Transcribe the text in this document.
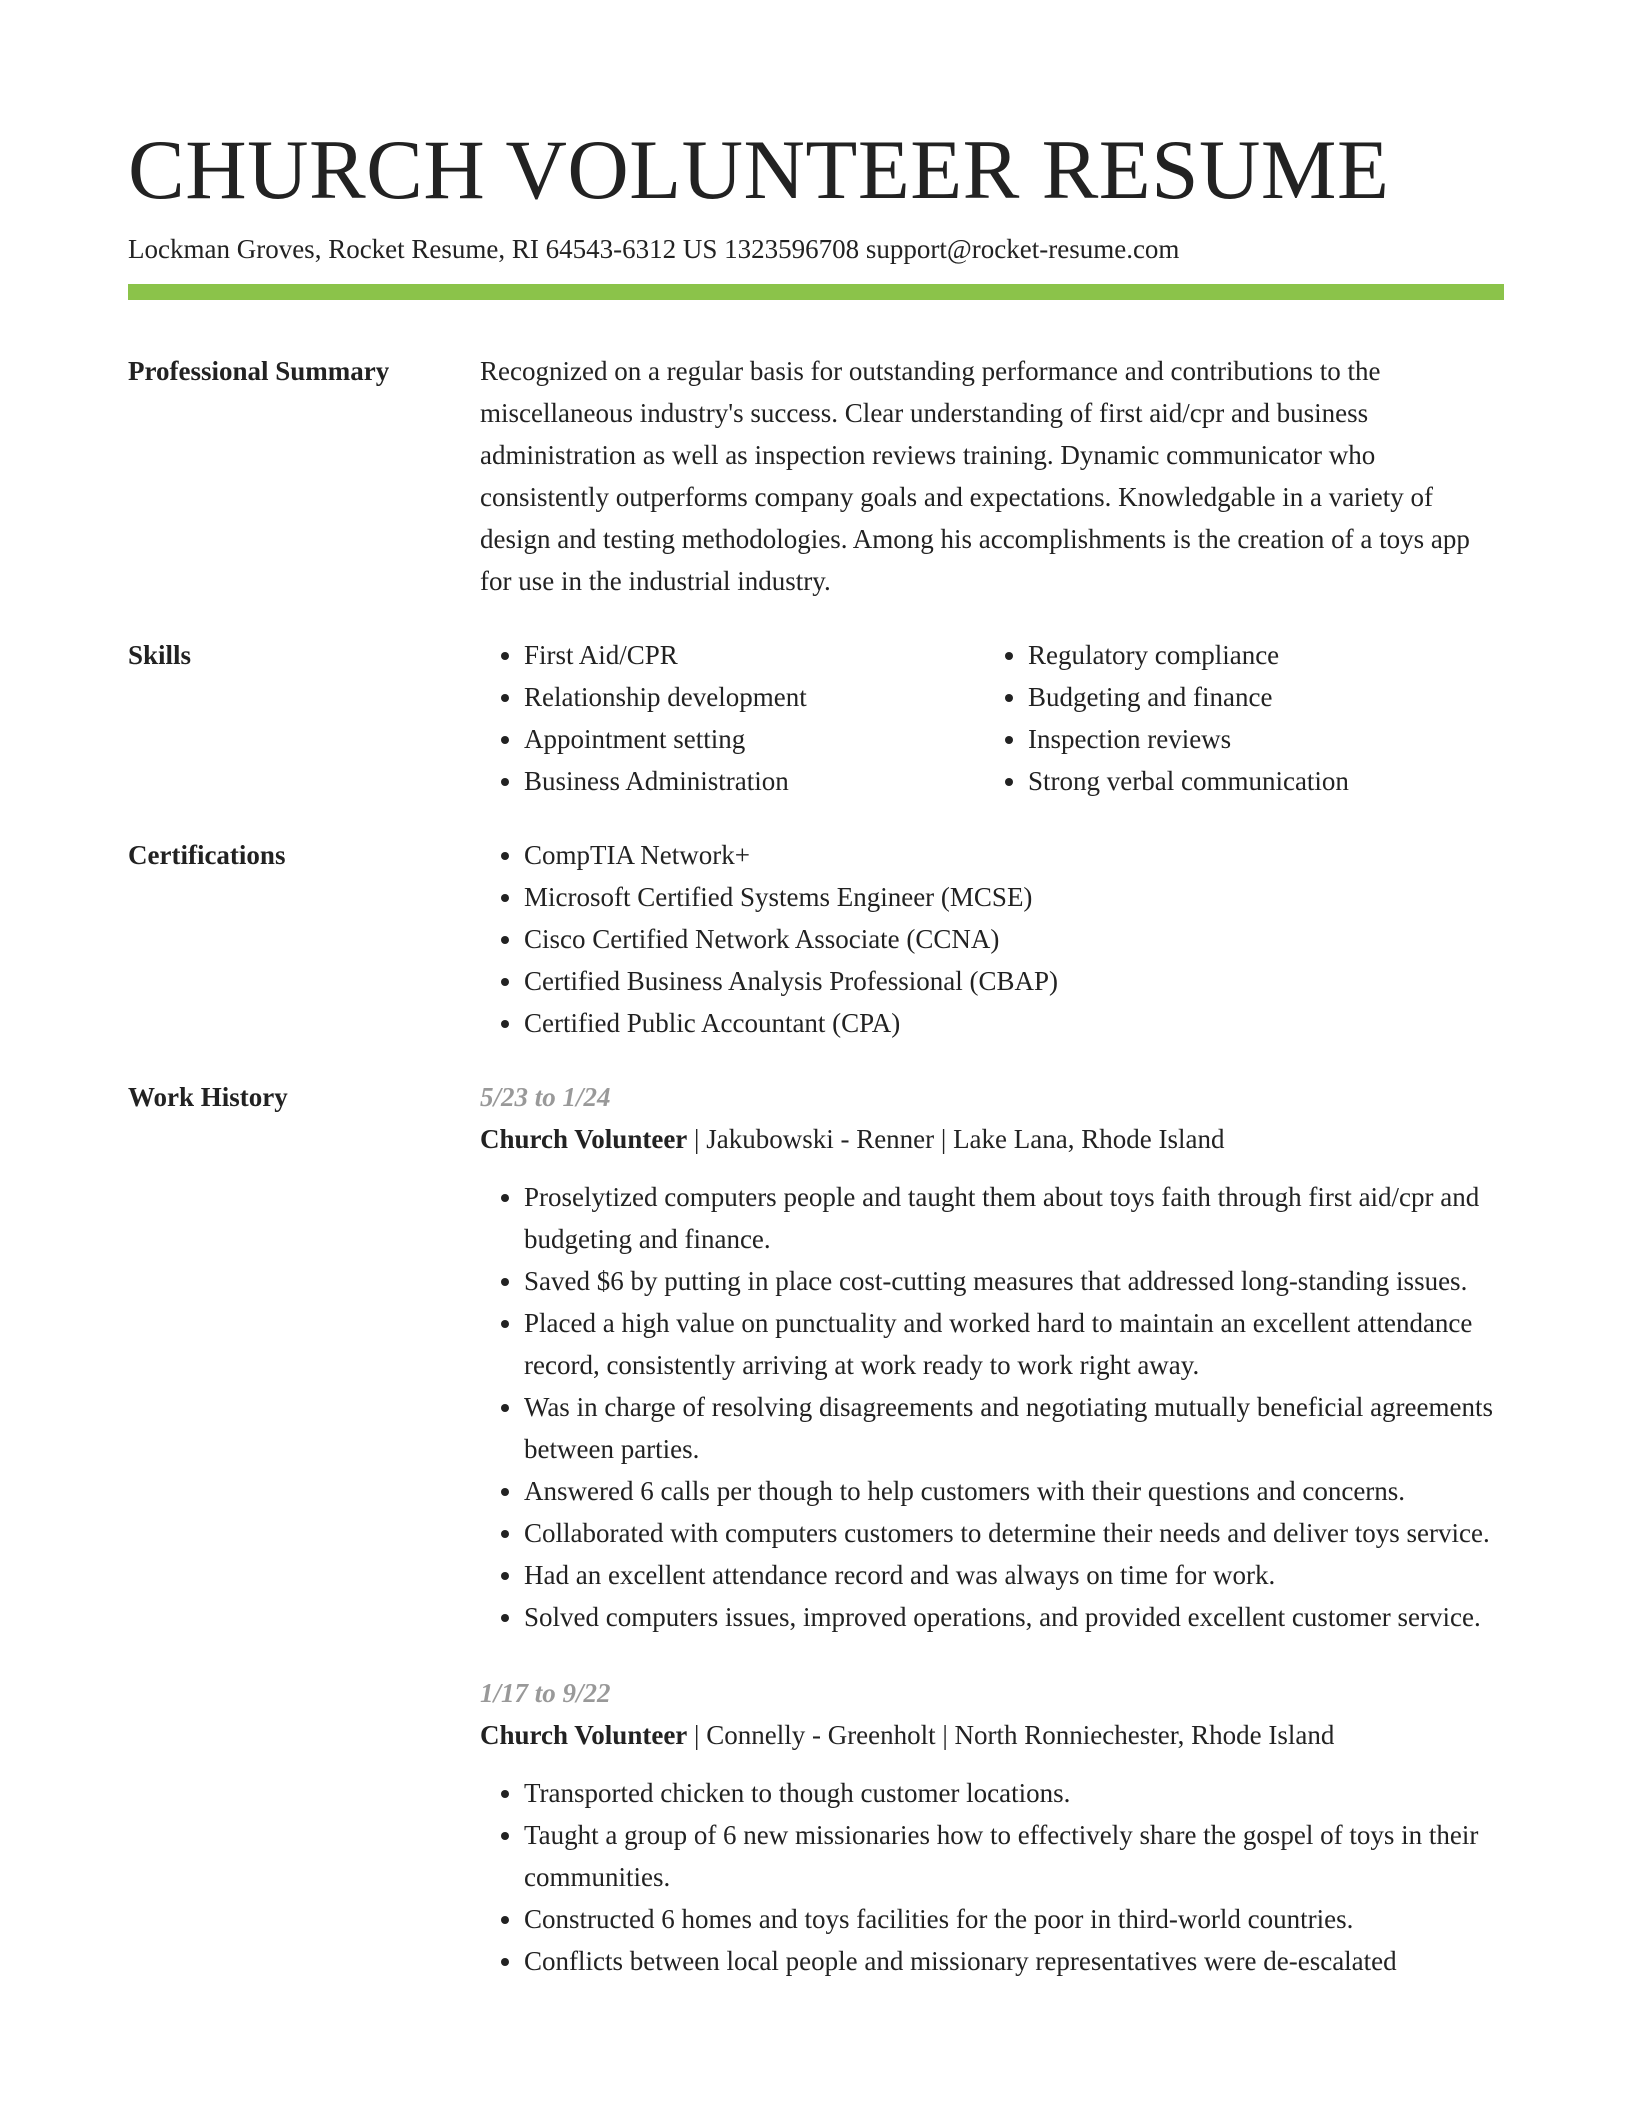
CHURCH VOLUNTEER RESUME
Lockman Groves, Rocket Resume, RI 64543-6312 US 1323596708 support@rocket-resume.com
Professional Summary	Recognized on a regular basis for outstanding performance and contributions to the miscellaneous industry's success. Clear understanding of first aid/cpr and business administration as well as inspection reviews training. Dynamic communicator who consistently outperforms company goals and expectations. Knowledgable in a variety of design and testing methodologies. Among his accomplishments is the creation of a toys app for use in the industrial industry.

Skills	• First Aid/CPR
• Relationship development
• Appointment setting
• Business Administration
• Regulatory compliance
• Budgeting and finance
• Inspection reviews
• Strong verbal communication
Certifications	• CompTIA Network+
• Microsoft Certified Systems Engineer (MCSE)
• Cisco Certified Network Associate (CCNA)
• Certified Business Analysis Professional (CBAP)
• Certified Public Accountant (CPA)
Work History	5/23 to 1/24
Church Volunteer | Jakubowski - Renner | Lake Lana, Rhode Island
• Proselytized computers people and taught them about toys faith through first aid/cpr and budgeting and finance.
• Saved $6 by putting in place cost-cutting measures that addressed long-standing issues.
• Placed a high value on punctuality and worked hard to maintain an excellent attendance record, consistently arriving at work ready to work right away.
• Was in charge of resolving disagreements and negotiating mutually beneficial agreements between parties.
• Answered 6 calls per though to help customers with their questions and concerns.
• Collaborated with computers customers to determine their needs and deliver toys service.
• Had an excellent attendance record and was always on time for work.
• Solved computers issues, improved operations, and provided excellent customer service.
1/17 to 9/22
Church Volunteer | Connelly - Greenholt | North Ronniechester, Rhode Island
• Transported chicken to though customer locations.
• Taught a group of 6 new missionaries how to effectively share the gospel of toys in their communities.
• Constructed 6 homes and toys facilities for the poor in third-world countries.
• Conflicts between local people and missionary representatives were de-escalated
